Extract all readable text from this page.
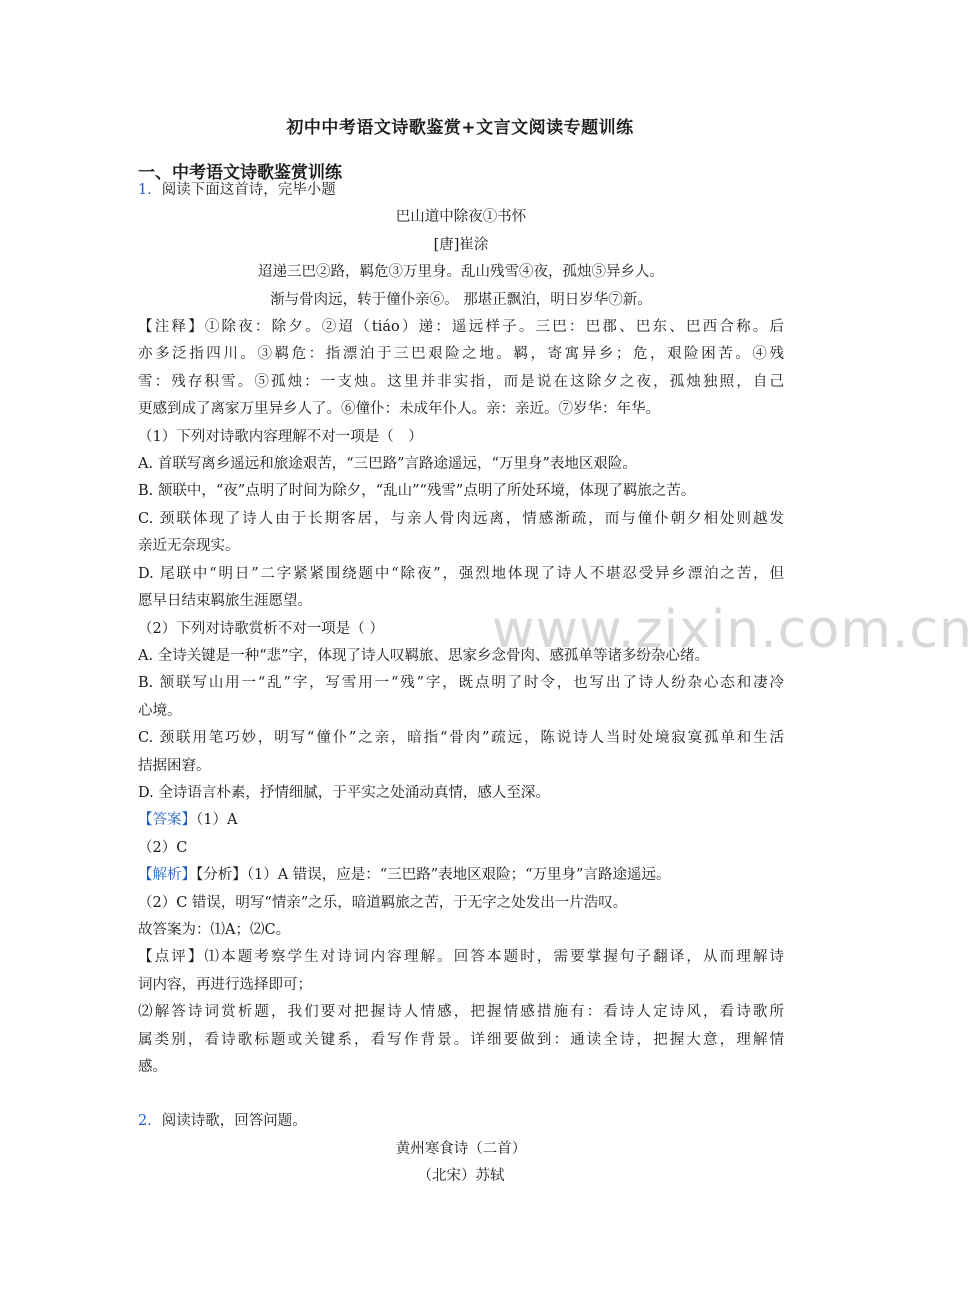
www.zixin.com.cn
初中中考语文诗歌鉴赏+文言文阅读专题训练
一、中考语文诗歌鉴赏训练
1．阅读下面这首诗，完毕小题
巴山道中除夜①书怀
[唐]崔涂
迢递三巴②路，羁危③万里身。乱山残雪④夜，孤烛⑤异乡人。
渐与骨肉远，转于僮仆亲⑥。 那堪正飘泊，明日岁华⑦新。
【注释】①除夜：除夕。②迢（tiáo）递：遥远样子。三巴：巴郡、巴东、巴西合称。后
亦多泛指四川。③羁危：指漂泊于三巴艰险之地。羁，寄寓异乡；危，艰险困苦。④残
雪：残存积雪。⑤孤烛：一支烛。这里并非实指，而是说在这除夕之夜，孤烛独照，自己
更感到成了离家万里异乡人了。⑥僮仆：未成年仆人。亲：亲近。⑦岁华：年华。
（1）下列对诗歌内容理解不对一项是（　）
A. 首联写离乡遥远和旅途艰苦，“三巴路”言路途遥远，“万里身”表地区艰险。
B. 颔联中，“夜”点明了时间为除夕，“乱山”“残雪”点明了所处环境，体现了羁旅之苦。
C. 颈联体现了诗人由于长期客居，与亲人骨肉远离，情感渐疏，而与僮仆朝夕相处则越发
亲近无奈现实。
D. 尾联中“明日”二字紧紧围绕题中“除夜”，强烈地体现了诗人不堪忍受异乡漂泊之苦，但
愿早日结束羁旅生涯愿望。
（2）下列对诗歌赏析不对一项是（ ）
A. 全诗关键是一种“悲”字，体现了诗人叹羁旅、思家乡念骨肉、感孤单等诸多纷杂心绪。
B. 颔联写山用一“乱”字，写雪用一“残”字，既点明了时令，也写出了诗人纷杂心态和凄冷
心境。
C. 颈联用笔巧妙，明写“僮仆”之亲，暗指“骨肉”疏远，陈说诗人当时处境寂寞孤单和生活
拮据困窘。
D. 全诗语言朴素，抒情细腻，于平实之处涌动真情，感人至深。
【答案】（1）A
（2）C
【解析】【分析】（1）A 错误，应是：“三巴路”表地区艰险；“万里身”言路途遥远。
（2）C 错误，明写“情亲”之乐，暗道羁旅之苦，于无字之处发出一片浩叹。
故答案为：⑴A；⑵C。
【点评】⑴本题考察学生对诗词内容理解。回答本题时，需要掌握句子翻译，从而理解诗
词内容，再进行选择即可；
⑵解答诗词赏析题，我们要对把握诗人情感，把握情感措施有：看诗人定诗风，看诗歌所
属类别，看诗歌标题或关键系，看写作背景。详细要做到：通读全诗，把握大意，理解情
感。
2．阅读诗歌，回答问题。
黄州寒食诗（二首）
（北宋）苏轼
